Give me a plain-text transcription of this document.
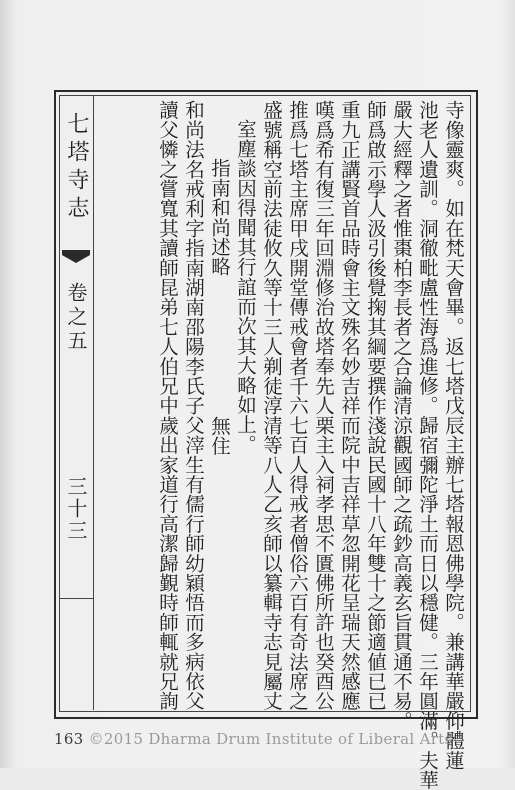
七塔寺志
卷之五
三十三	寺像靈爽。如在梵天會畢。返七塔戊辰主辦七塔報恩佛學院。兼講華嚴仰體蓮
池老人遺訓。洞徹毗盧性海爲進修。歸宿彌陀淨土而日以穩健。三年圓滿。夫華
嚴大經釋之者惟棗柏李長者之合論清涼觀國師之疏鈔高義玄旨貫通不易。
師爲啟示學人汲引後覺掬其綱要撰作淺說民國十八年雙十之節適値已已
重九正講賢首品時會主文殊名妙吉祥而院中吉祥草忽開花呈瑞天然感應
嘆爲希有復三年回淵修治故塔奉先人栗主入祠孝思不匱佛所許也癸酉公
推爲七塔主席甲戌開堂傳戒會者千六七百人得戒者僧俗六百有奇法席之
盛號稱空前法徒攸久等十三人剃徒淳清等八人乙亥師以纂輯寺志見屬丈
室塵談因得聞其行誼而次其大略如上。
指南和尚述略無住
和尚法名戒利字指南湖南邵陽李氏子父滓生有儒行師幼穎悟而多病依父
讀父憐之嘗寬其讀師昆弟七人伯兄中歲出家道行高潔歸覲時師輒就兄詢
163 ©2015 Dharma Drum Institute of Liberal Arts
